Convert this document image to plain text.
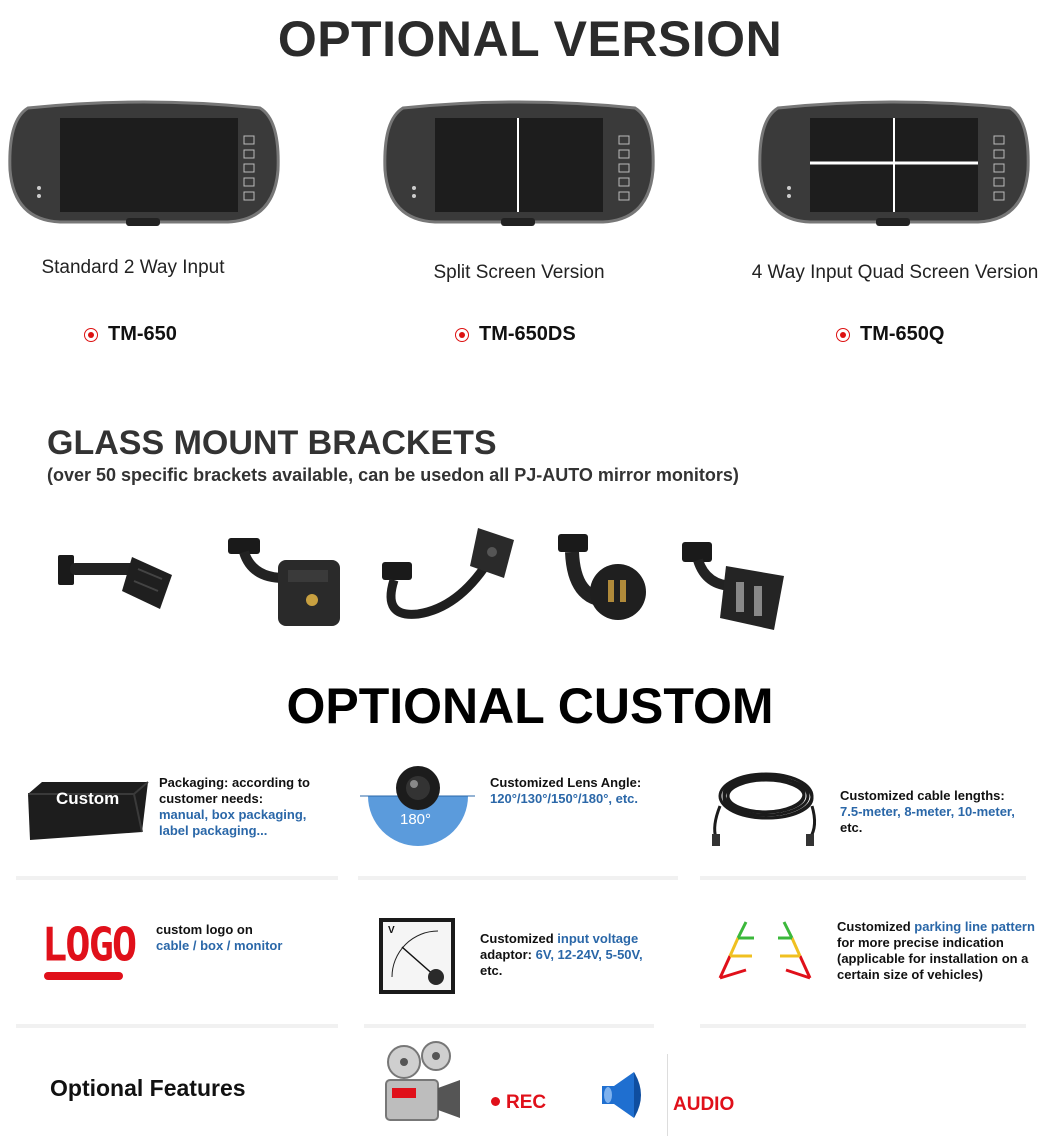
OPTIONAL VERSION
Standard 2 Way Input	Split Screen Version	4 Way Input Quad Screen Version
TM-650	TM-650DS	TM-650Q
GLASS MOUNT BRACKETS
(over 50 specific brackets available, can be usedon all PJ-AUTO mirror monitors)
OPTIONAL CUSTOM
Custom
Packaging: according to customer needs:
manual, box packaging, label packaging...
180°
Customized Lens Angle:
120°/130°/150°/180°, etc.	Customized cable lengths:
7.5-meter, 8-meter, 10-meter,
etc.
LOGO custom logo on
cable / box / monitor
V
Customized input voltage
adaptor: 6V, 12-24V, 5-50V,
etc.
Customized parking line pattern for more precise indication (applicable for installation on a certain size of vehicles)
Optional Features
REC	AUDIO
